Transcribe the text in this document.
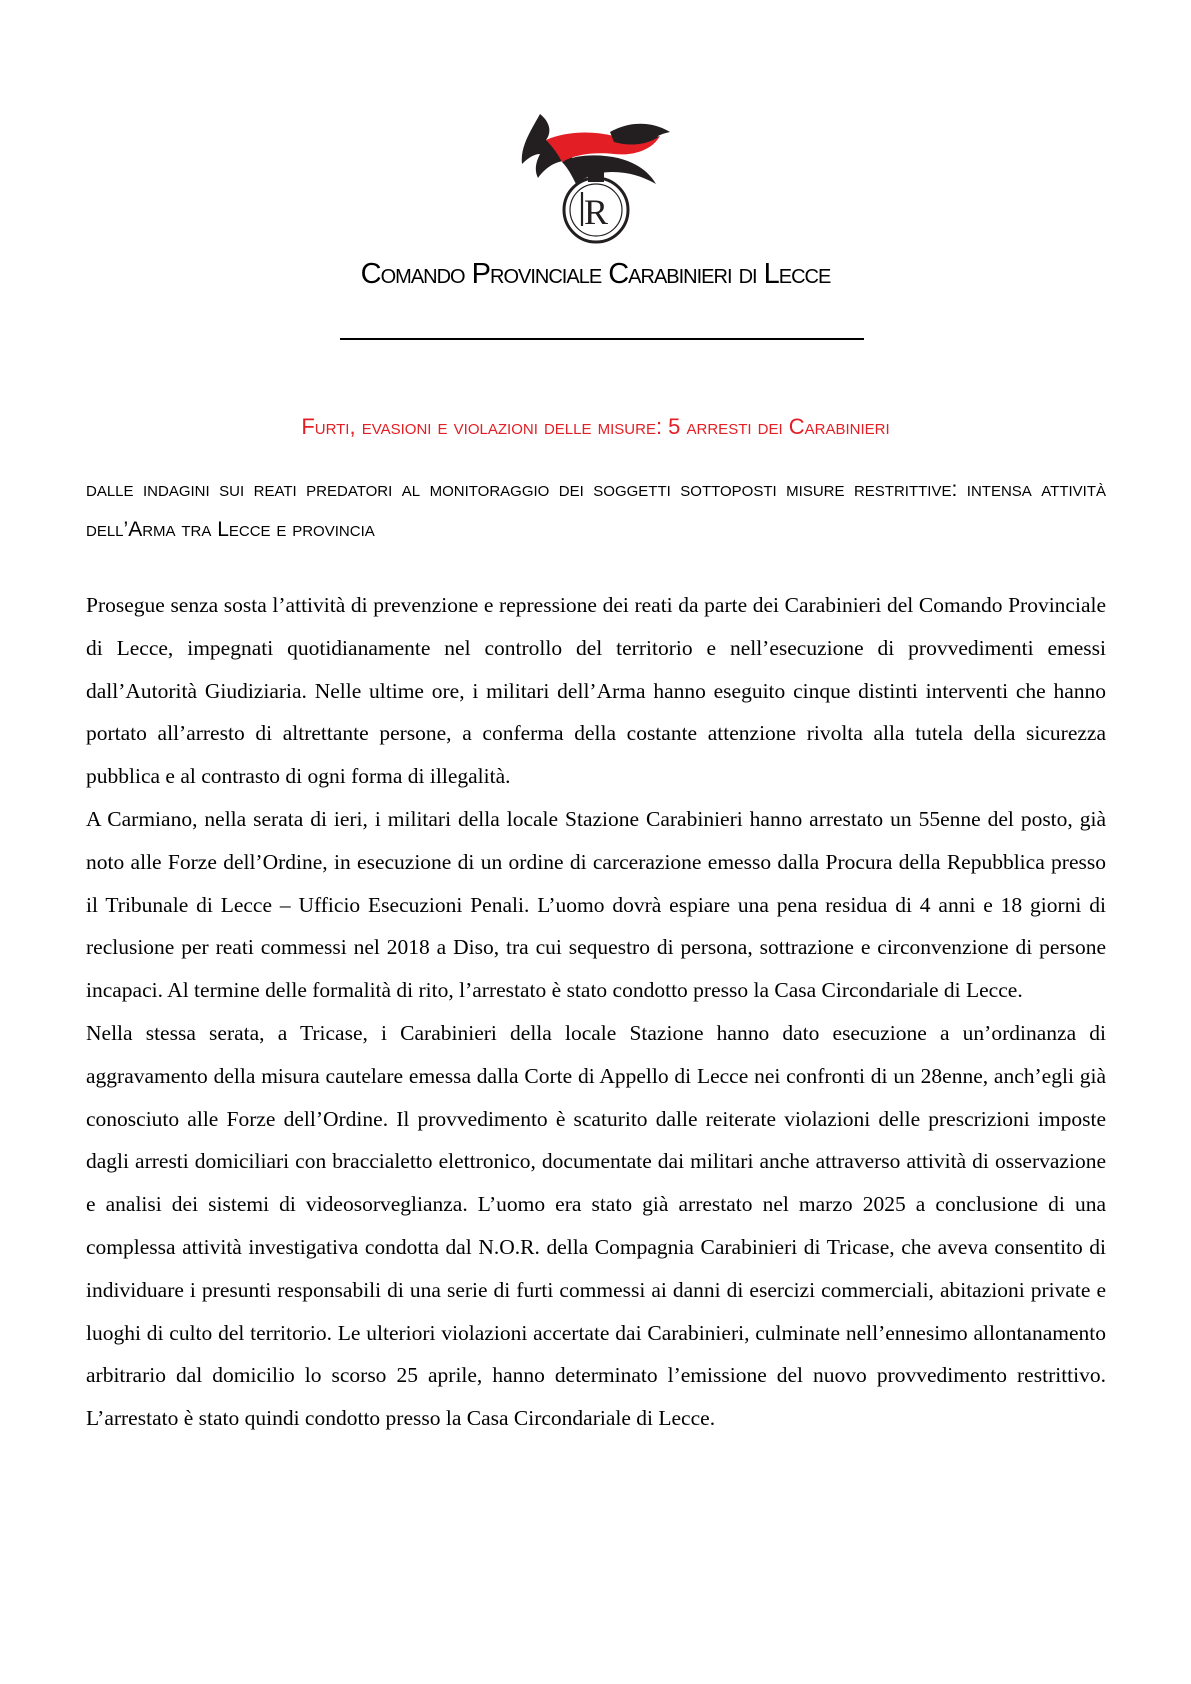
R
Comando Provinciale Carabinieri di Lecce
Furti, evasioni e violazioni delle misure: 5 arresti dei Carabinieri
dalle indagini sui reati predatori al monitoraggio dei soggetti sottoposti misure restrittive: intensa attività dell’Arma tra Lecce e provincia

Prosegue senza sosta l’attività di prevenzione e repressione dei reati da parte dei Carabinieri del Comando Provinciale di Lecce, impegnati quotidianamente nel controllo del territorio e nell’esecuzione di provvedimenti emessi dall’Autorità Giudiziaria. Nelle ultime ore, i militari dell’Arma hanno eseguito cinque distinti interventi che hanno portato all’arresto di altrettante persone, a conferma della costante attenzione rivolta alla tutela della sicurezza pubblica e al contrasto di ogni forma di illegalità.

A Carmiano, nella serata di ieri, i militari della locale Stazione Carabinieri hanno arrestato un 55enne del posto, già noto alle Forze dell’Ordine, in esecuzione di un ordine di carcerazione emesso dalla Procura della Repubblica presso il Tribunale di Lecce – Ufficio Esecuzioni Penali. L’uomo dovrà espiare una pena residua di 4 anni e 18 giorni di reclusione per reati commessi nel 2018 a Diso, tra cui sequestro di persona, sottrazione e circonvenzione di persone incapaci. Al termine delle formalità di rito, l’arrestato è stato condotto presso la Casa Circondariale di Lecce.

Nella stessa serata, a Tricase, i Carabinieri della locale Stazione hanno dato esecuzione a un’ordinanza di aggravamento della misura cautelare emessa dalla Corte di Appello di Lecce nei confronti di un 28enne, anch’egli già conosciuto alle Forze dell’Ordine. Il provvedimento è scaturito dalle reiterate violazioni delle prescrizioni imposte dagli arresti domiciliari con braccialetto elettronico, documentate dai militari anche attraverso attività di osservazione e analisi dei sistemi di videosorveglianza. L’uomo era stato già arrestato nel marzo 2025 a conclusione di una complessa attività investigativa condotta dal N.O.R. della Compagnia Carabinieri di Tricase, che aveva consentito di individuare i presunti responsabili di una serie di furti commessi ai danni di esercizi commerciali, abitazioni private e luoghi di culto del territorio. Le ulteriori violazioni accertate dai Carabinieri, culminate nell’ennesimo allontanamento arbitrario dal domicilio lo scorso 25 aprile, hanno determinato l’emissione del nuovo provvedimento restrittivo. L’arrestato è stato quindi condotto presso la Casa Circondariale di Lecce.
